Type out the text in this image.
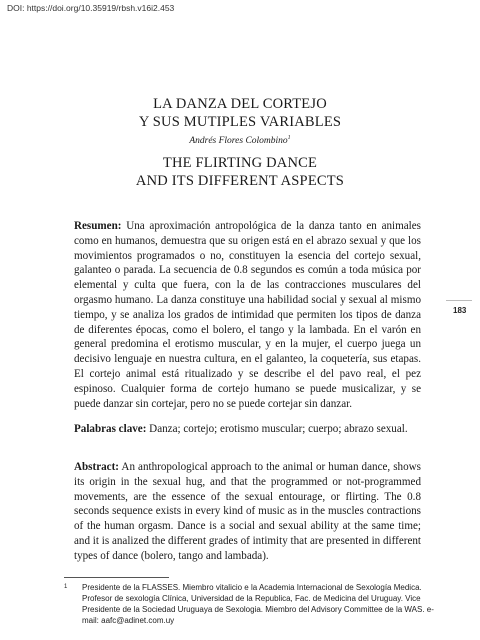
DOI: https://doi.org/10.35919/rbsh.v16i2.453
LA DANZA DEL CORTEJO
Y SUS MUTIPLES VARIABLES
Andrés Flores Colombino$^1$
THE FLIRTING DANCE
AND ITS DIFFERENT ASPECTS
Resumen: Una aproximación antropológica de la danza tanto en animales como en humanos, demuestra que su origen está en el abrazo sexual y que los movimientos programados o no, constituyen la esencia del cortejo sexual, galanteo o parada. La secuencia de 0.8 segundos es común a toda música por elemental y culta que fuera, con la de las contracciones musculares del orgasmo humano. La danza constituye una habilidad social y sexual al mismo tiempo, y se analiza los grados de intimidad que permiten los tipos de danza de diferentes épocas, como el bolero, el tango y la lambada. En el varón en general predomina el erotismo muscular, y en la mujer, el cuerpo juega un decisivo lenguaje en nuestra cultura, en el galanteo, la coquetería, sus etapas. El cortejo animal está ritualizado y se describe el del pavo real, el pez espinoso. Cualquier forma de cortejo humano se puede musicalizar, y se puede danzar sin cortejar, pero no se puede cortejar sin danzar.
Palabras clave: Danza; cortejo; erotismo muscular; cuerpo; abrazo sexual.
Abstract: An anthropological approach to the animal or human dance, shows its origin in the sexual hug, and that the programmed or not-programmed movements, are the essence of the sexual entourage, or flirting. The 0.8 seconds sequence exists in every kind of music as in the muscles contractions of the human orgasm. Dance is a social and sexual ability at the same time; and it is analized the different grades of intimity that are presented in different types of dance (bolero, tango and lambada).
183
1 Presidente de la FLASSES. Miembro vitalicio e la Academia Internacional de Sexología Medica. Profesor de sexología Clínica, Universidad de la Republica, Fac. de Medicina del Uruguay. Vice Presidente de la Sociedad Uruguaya de Sexologia. Miembro del Advisory Committee de la WAS. e-mail: aafc@adinet.com.uy
